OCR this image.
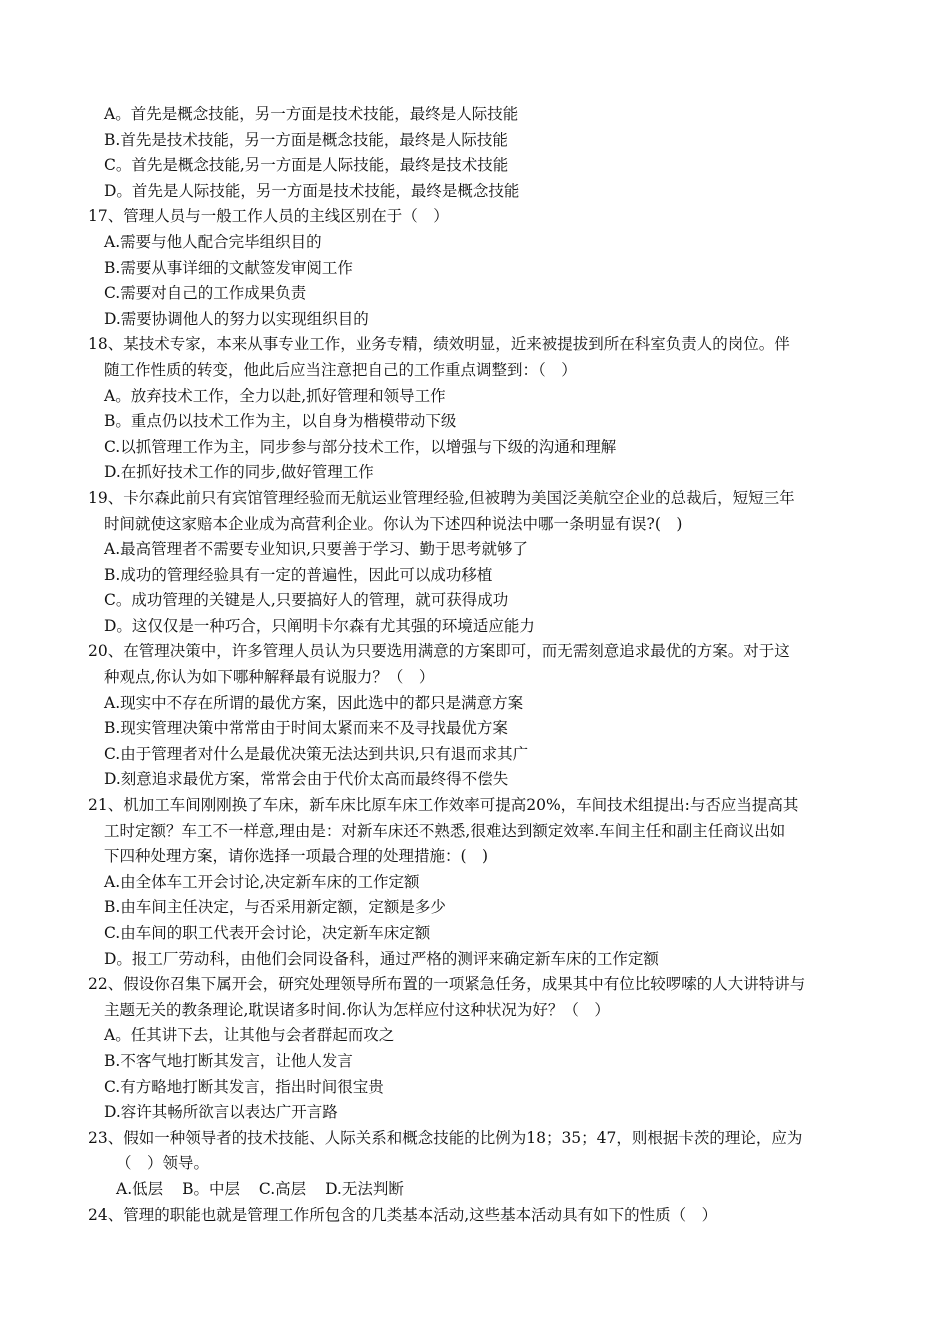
A。首先是概念技能，另一方面是技术技能，最终是人际技能
B.首先是技术技能，另一方面是概念技能，最终是人际技能
C。首先是概念技能,另一方面是人际技能，最终是技术技能
D。首先是人际技能，另一方面是技术技能，最终是概念技能
17、管理人员与一般工作人员的主线区别在于（　）
A.需要与他人配合完毕组织目的
B.需要从事详细的文献签发审阅工作
C.需要对自己的工作成果负责
D.需要协调他人的努力以实现组织目的
18、某技术专家，本来从事专业工作，业务专精，绩效明显，近来被提拔到所在科室负责人的岗位。伴
随工作性质的转变，他此后应当注意把自己的工作重点调整到：（　）
A。放弃技术工作，全力以赴,抓好管理和领导工作
B。重点仍以技术工作为主，以自身为楷模带动下级
C.以抓管理工作为主，同步参与部分技术工作，以增强与下级的沟通和理解
D.在抓好技术工作的同步,做好管理工作
19、卡尔森此前只有宾馆管理经验而无航运业管理经验,但被聘为美国泛美航空企业的总裁后，短短三年
时间就使这家赔本企业成为高营利企业。你认为下述四种说法中哪一条明显有误?(　)
A.最高管理者不需要专业知识,只要善于学习、勤于思考就够了
B.成功的管理经验具有一定的普遍性，因此可以成功移植
C。成功管理的关键是人,只要搞好人的管理，就可获得成功
D。这仅仅是一种巧合，只阐明卡尔森有尤其强的环境适应能力
20、在管理决策中，许多管理人员认为只要选用满意的方案即可，而无需刻意追求最优的方案。对于这
种观点,你认为如下哪种解释最有说服力？（　）
A.现实中不存在所谓的最优方案，因此选中的都只是满意方案
B.现实管理决策中常常由于时间太紧而来不及寻找最优方案
C.由于管理者对什么是最优决策无法达到共识,只有退而求其广
D.刻意追求最优方案，常常会由于代价太高而最终得不偿失
21、机加工车间刚刚换了车床，新车床比原车床工作效率可提高20%，车间技术组提出:与否应当提高其
工时定额？车工不一样意,理由是：对新车床还不熟悉,很难达到额定效率.车间主任和副主任商议出如
下四种处理方案，请你选择一项最合理的处理措施：(　)
A.由全体车工开会讨论,决定新车床的工作定额
B.由车间主任决定，与否采用新定额，定额是多少
C.由车间的职工代表开会讨论，决定新车床定额
D。报工厂劳动科，由他们会同设备科，通过严格的测评来确定新车床的工作定额
22、假设你召集下属开会，研究处理领导所布置的一项紧急任务，成果其中有位比较啰嗦的人大讲特讲与
主题无关的教条理论,耽误诸多时间.你认为怎样应付这种状况为好？（　）
A。任其讲下去，让其他与会者群起而攻之
B.不客气地打断其发言，让他人发言
C.有方略地打断其发言，指出时间很宝贵
D.容许其畅所欲言以表达广开言路
23、假如一种领导者的技术技能、人际关系和概念技能的比例为18；35；47，则根据卡茨的理论，应为
（　）领导。
A.低层 B。中层 C.高层 D.无法判断
24、管理的职能也就是管理工作所包含的几类基本活动,这些基本活动具有如下的性质（　）
